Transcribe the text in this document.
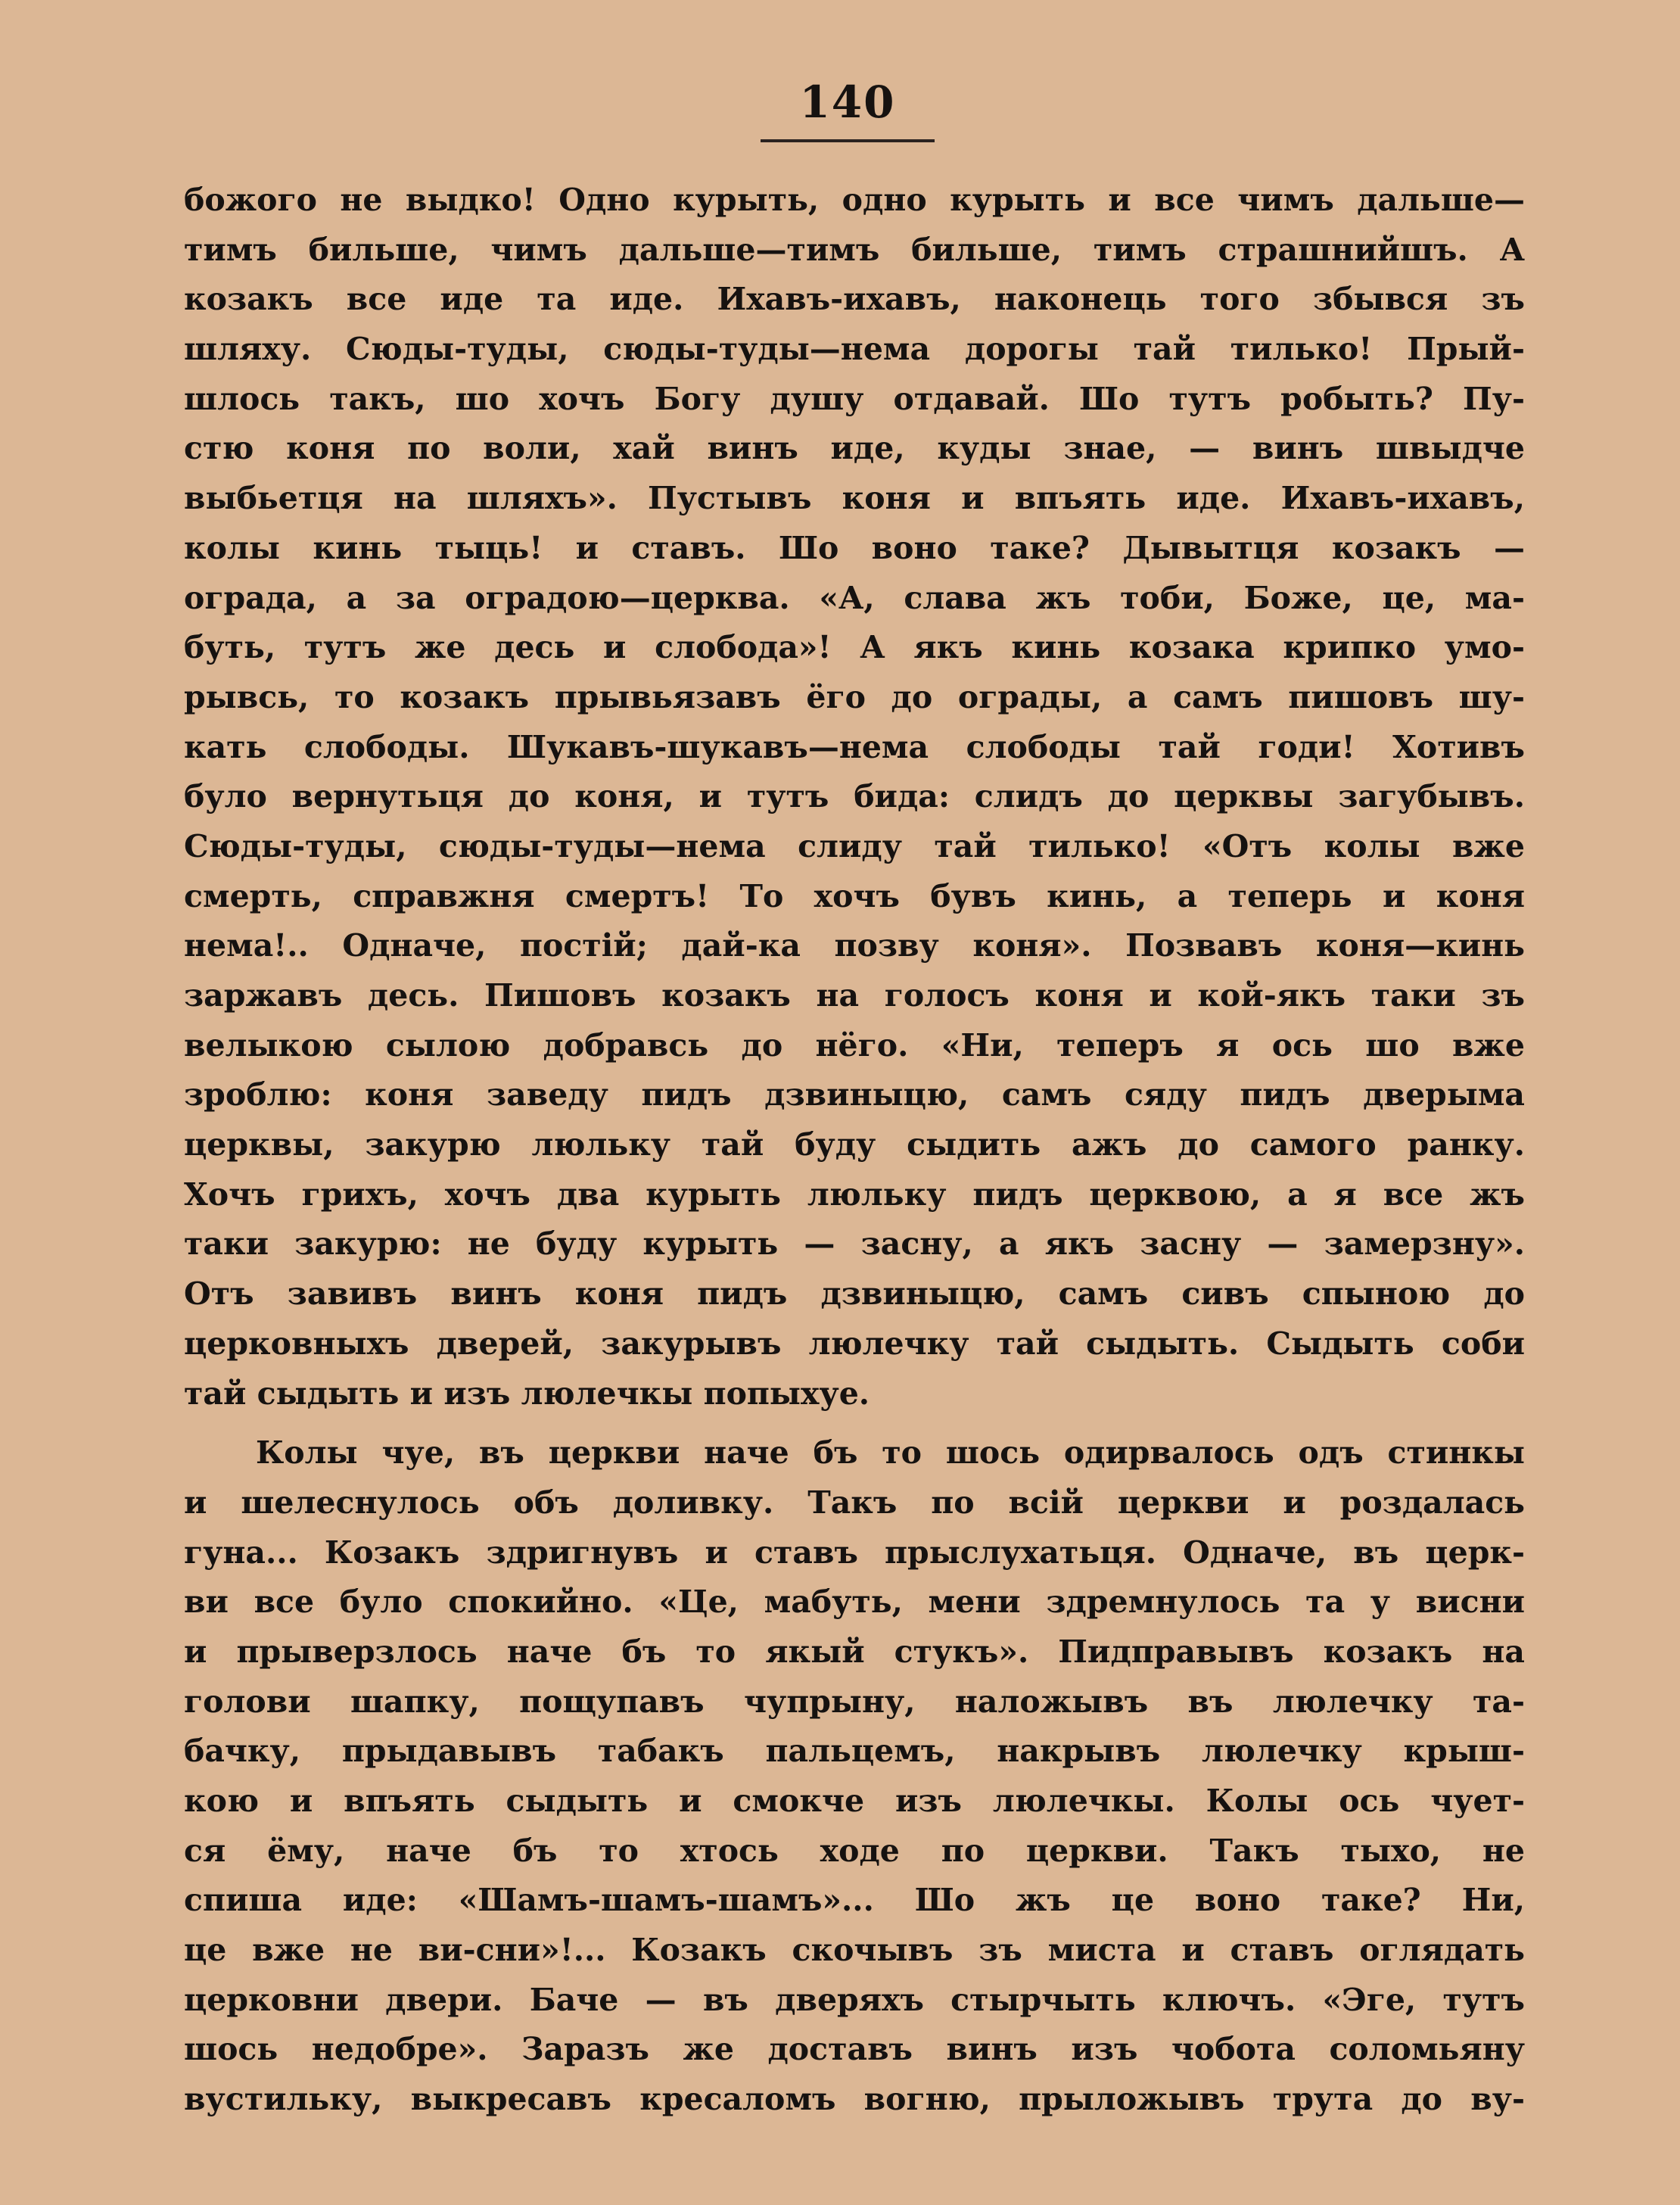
140
божого не выдко! Одно курыть, одно курыть и все чимъ дальше—
тимъ бильше, чимъ дальше—тимъ бильше, тимъ страшнийшъ. А
козакъ все иде та иде. Ихавъ-ихавъ, наконець того збывся зъ
шляху. Сюды-туды, сюды-туды—нема дорогы тай тилько! Прый-
шлось такъ, шо хочъ Богу душу отдавай. Шо тутъ робыть? Пу-
стю коня по воли, хай винъ иде, куды знае, — винъ швыдче
выбьетця на шляхъ». Пустывъ коня и впъять иде. Ихавъ-ихавъ,
колы кинь тыць! и ставъ. Шо воно таке? Дывытця козакъ —
ограда, а за оградою—церква. «А, слава жъ тоби, Боже, це, ма-
буть, тутъ же десь и слобода»! А якъ кинь козака крипко умо-
рывсь, то козакъ прывьязавъ ёго до ограды, а самъ пишовъ шу-
кать слободы. Шукавъ-шукавъ—нема слободы тай годи! Хотивъ
було вернутьця до коня, и тутъ бида: слидъ до церквы загубывъ.
Сюды-туды, сюды-туды—нема слиду тай тилько! «Отъ колы вже
смерть, справжня смертъ! То хочъ бувъ кинь, а теперь и коня
нема!.. Одначе, постій; дай-ка позву коня». Позвавъ коня—кинь
заржавъ десь. Пишовъ козакъ на голосъ коня и кой-якъ таки зъ
велыкою сылою добравсь до нёго. «Ни, теперъ я ось шо вже
зроблю: коня заведу пидъ дзвиныцю, самъ сяду пидъ дверыма
церквы, закурю люльку тай буду сыдить ажъ до самого ранку.
Хочъ грихъ, хочъ два курыть люльку пидъ церквою, а я все жъ
таки закурю: не буду курыть — засну, а якъ засну — замерзну».
Отъ завивъ винъ коня пидъ дзвиныцю, самъ сивъ спыною до
церковныхъ дверей, закурывъ люлечку тай сыдыть. Сыдыть соби
тай сыдыть и изъ люлечкы попыхуе.
Колы чуе, въ церкви наче бъ то шось одирвалось одъ стинкы
и шелеснулось объ доливку. Такъ по всій церкви и роздалась
гуна... Козакъ здригнувъ и ставъ прыслухатьця. Одначе, въ церк-
ви все було спокийно. «Це, мабуть, мени здремнулось та у висни
и прыверзлось наче бъ то якый стукъ». Пидправывъ козакъ на
голови шапку, пощупавъ чупрыну, наложывъ въ люлечку та-
бачку, прыдавывъ табакъ пальцемъ, накрывъ люлечку крыш-
кою и впъять сыдыть и смокче изъ люлечкы. Колы ось чует-
ся ёму, наче бъ то хтось ходе по церкви. Такъ тыхо, не
спиша иде: «Шамъ-шамъ-шамъ»... Шо жъ це воно таке? Ни,
це вже не ви-сни»!... Козакъ скочывъ зъ миста и ставъ оглядать
церковни двери. Баче — въ дверяхъ стырчыть ключъ. «Эге, тутъ
шось недобре». Заразъ же доставъ винъ изъ чобота соломьяну
вустильку, выкресавъ кресаломъ вогню, прыложывъ трута до ву-
